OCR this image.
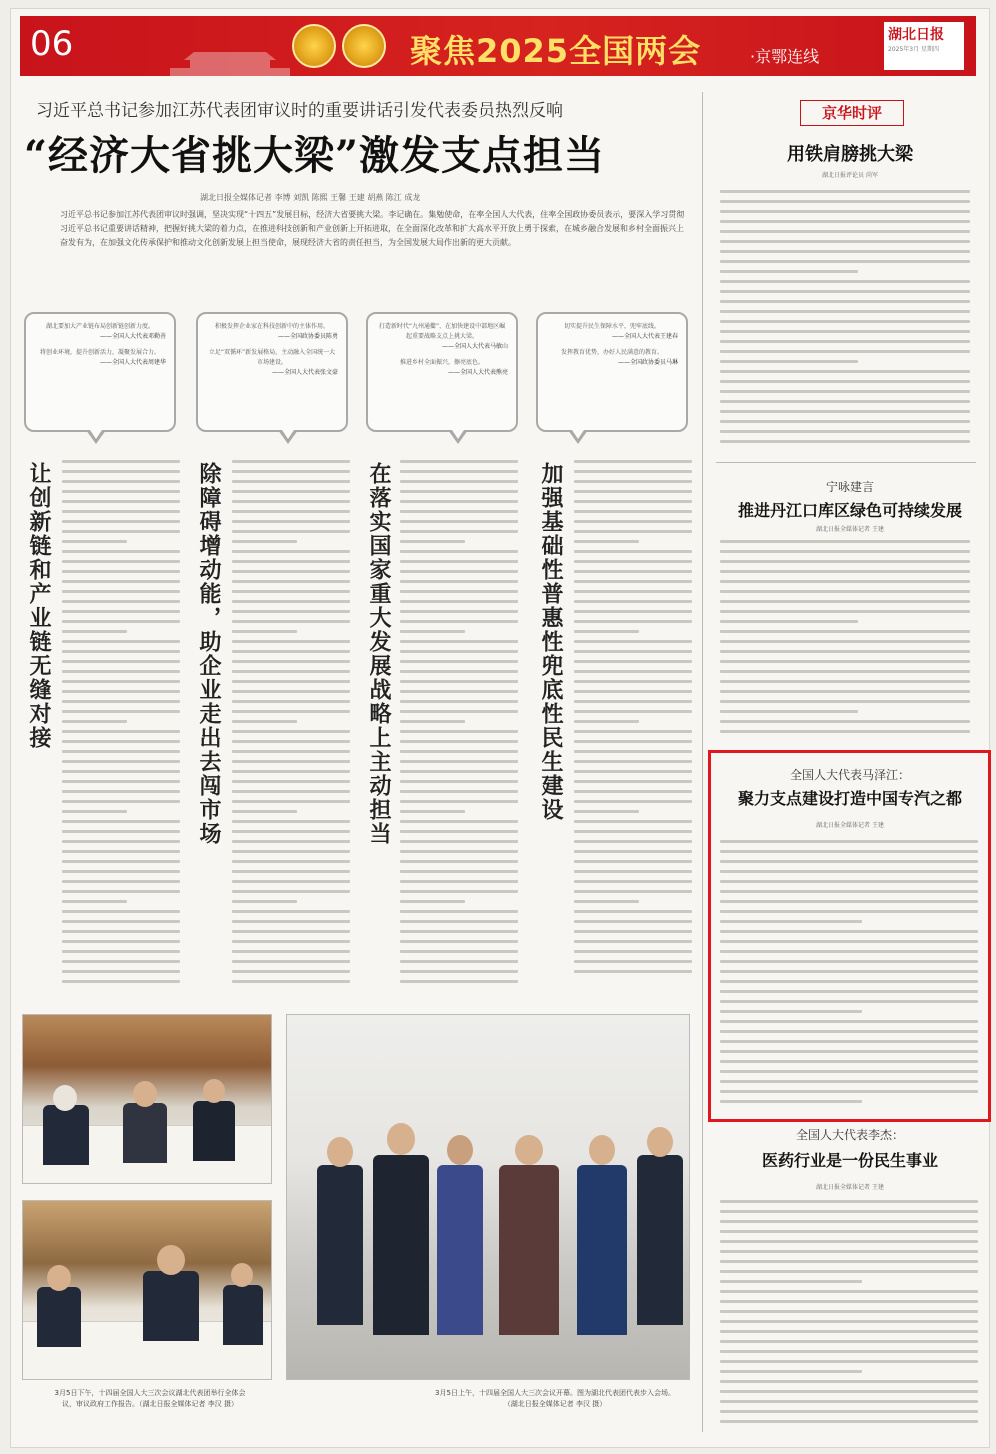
06	聚焦2025全国两会	·京鄂连线
湖北日报
2025年3月 星期四
习近平总书记参加江苏代表团审议时的重要讲话引发代表委员热烈反响
“经济大省挑大梁”激发支点担当
湖北日报全媒体记者 李博 刘凯 陈熙 王馨 王建 胡燕 陈江 成龙
习近平总书记参加江苏代表团审议时强调，坚决实现“十四五”发展目标，经济大省要挑大梁。李记确在。集勉使命，在率全国人大代表，住率全国政协委员表示，要深入学习贯彻习近平总书记重要讲话精神，把握好挑大梁的着力点，在推进科技创新和产业创新上开拓进取，在全面深化改革和扩大高水平开放上勇于探索，在城乡融合发展和乡村全面振兴上奋发有为，在加强文化传承保护和推动文化创新发展上担当使命，展现经济大省的责任担当，为全国发展大局作出新的更大贡献。
湖北要加大产业链布局创新链创新力度。
——全国人大代表邓勤善
将创业环境，提升创新活力，凝聚发展合力。
——全国人大代表周建华
积极发挥企业家在科技创新中的主体作用。
——全国政协委员陈勇
立足“双循环”新发展格局，主动融入全国统一大市场建设。
——全国人大代表张文豪
打造新时代“九州通衢”，在加快建设中部地区崛起重要战略支点上挑大梁。
——全国人大代表马敏山
推进乡村全面振兴，擦亮底色。
——全国人大代表熊亮
切实提升民生保障水平，兜牢底线。
——全国人大代表王建春
发挥教育优势，办好人民满意的教育。
——全国政协委员马琳
让创新链和产业链无缝对接	除障碍增动能，助企业走出去闯市场	在落实国家重大发展战略上主动担当	加强基础性普惠性兜底性民生建设
3月5日下午，十四届全国人大三次会议湖北代表团举行全体会议，审议政府工作报告。（湖北日报全媒体记者 李汉 摄）
3月5日上午，十四届全国人大三次会议开幕。图为湖北代表团代表步入会场。（湖北日报全媒体记者 李汉 摄）
京华时评
用铁肩膀挑大梁
湖北日报评论员 尚军
宁咏建言
推进丹江口库区绿色可持续发展
湖北日报全媒体记者 王建
全国人大代表马泽江：
聚力支点建设打造中国专汽之都
湖北日报全媒体记者 王建
全国人大代表李杰：
医药行业是一份民生事业
湖北日报全媒体记者 王建
